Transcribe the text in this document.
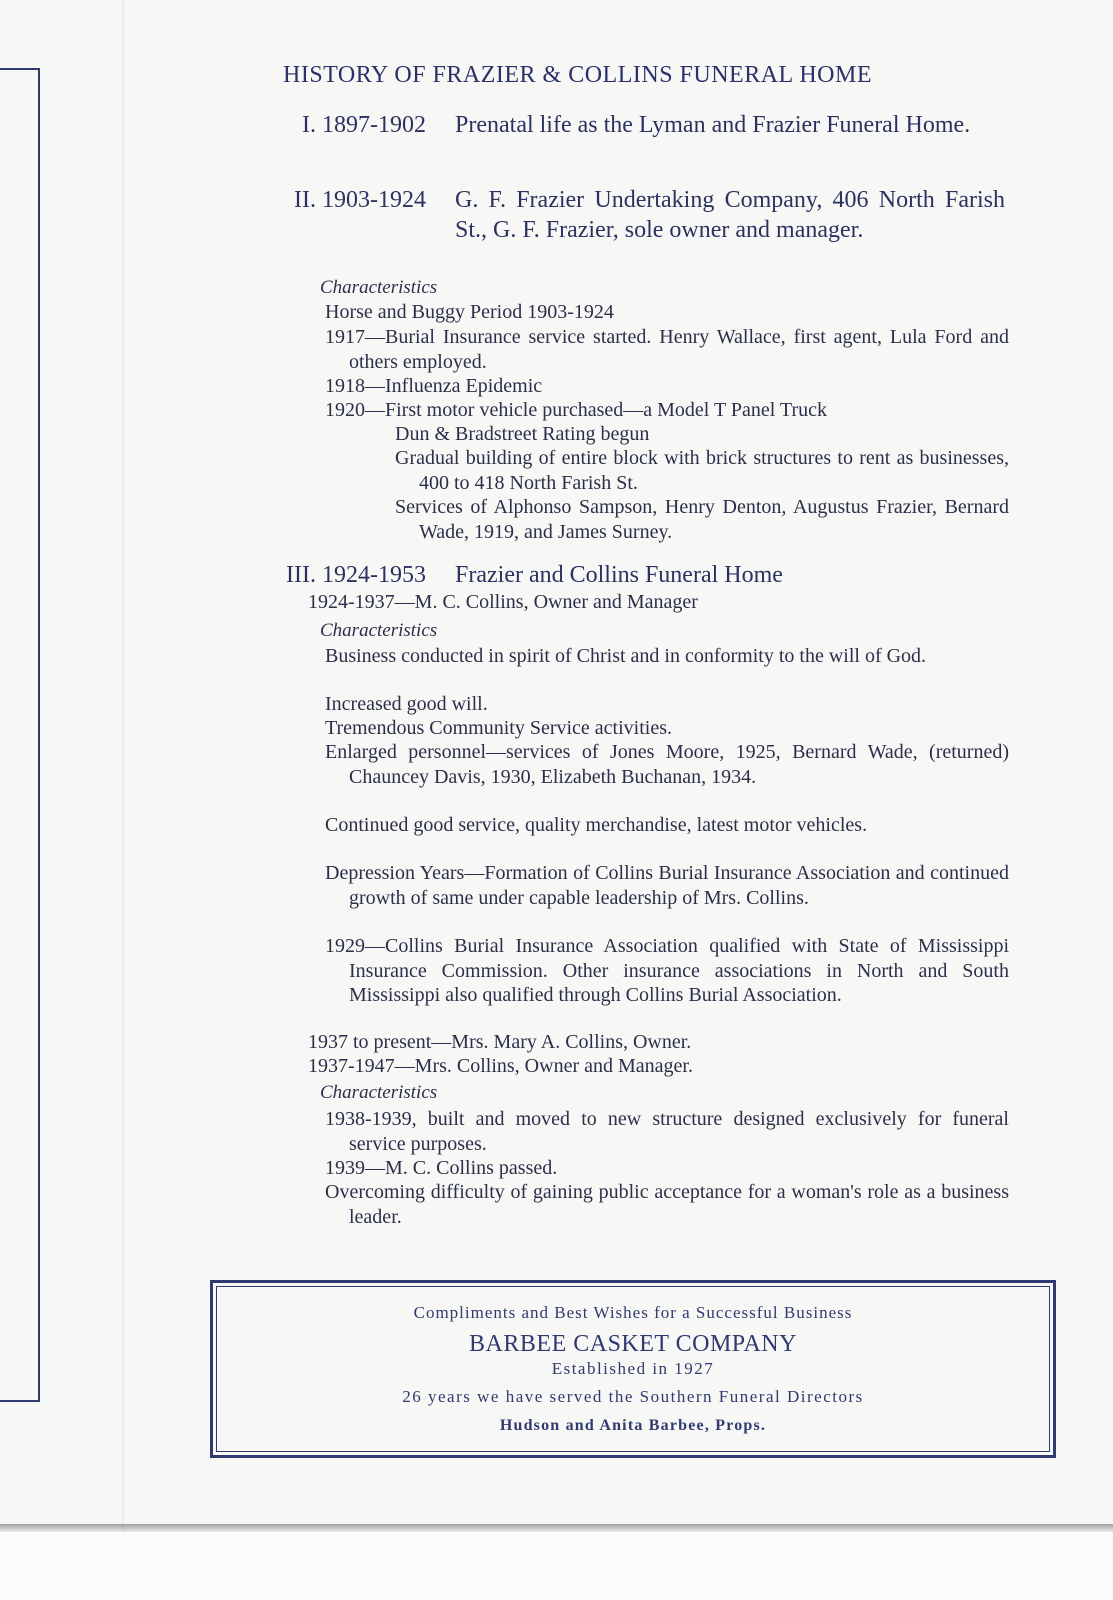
HISTORY OF FRAZIER & COLLINS FUNERAL HOME
I. 1897-1902 Prenatal life as the Lyman and Frazier Funeral Home.
II. 1903-1924 G. F. Frazier Undertaking Company, 406 North Farish St., G. F. Frazier, sole owner and manager.
Characteristics
Horse and Buggy Period 1903-1924
1917—Burial Insurance service started. Henry Wallace, first agent, Lula Ford and others employed.
1918—Influenza Epidemic
1920—First motor vehicle purchased—a Model T Panel Truck
Dun & Bradstreet Rating begun
Gradual building of entire block with brick structures to rent as businesses, 400 to 418 North Farish St.
Services of Alphonso Sampson, Henry Denton, Augustus Frazier, Bernard Wade, 1919, and James Surney.
III. 1924-1953 Frazier and Collins Funeral Home
1924-1937—M. C. Collins, Owner and Manager
Characteristics
Business conducted in spirit of Christ and in conformity to the will of God.
Increased good will.
Tremendous Community Service activities.
Enlarged personnel—services of Jones Moore, 1925, Bernard Wade, (returned) Chauncey Davis, 1930, Elizabeth Buchanan, 1934.
Continued good service, quality merchandise, latest motor vehicles.
Depression Years—Formation of Collins Burial Insurance Association and continued growth of same under capable leadership of Mrs. Collins.
1929—Collins Burial Insurance Association qualified with State of Mississippi Insurance Commission. Other insurance associations in North and South Mississippi also qualified through Collins Burial Association.
1937 to present—Mrs. Mary A. Collins, Owner.
1937-1947—Mrs. Collins, Owner and Manager.
Characteristics
1938-1939, built and moved to new structure designed exclusively for funeral service purposes.
1939—M. C. Collins passed.
Overcoming difficulty of gaining public acceptance for a woman's role as a business leader.
Compliments and Best Wishes for a Successful Business
BARBEE CASKET COMPANY
Established in 1927
26 years we have served the Southern Funeral Directors
Hudson and Anita Barbee, Props.
